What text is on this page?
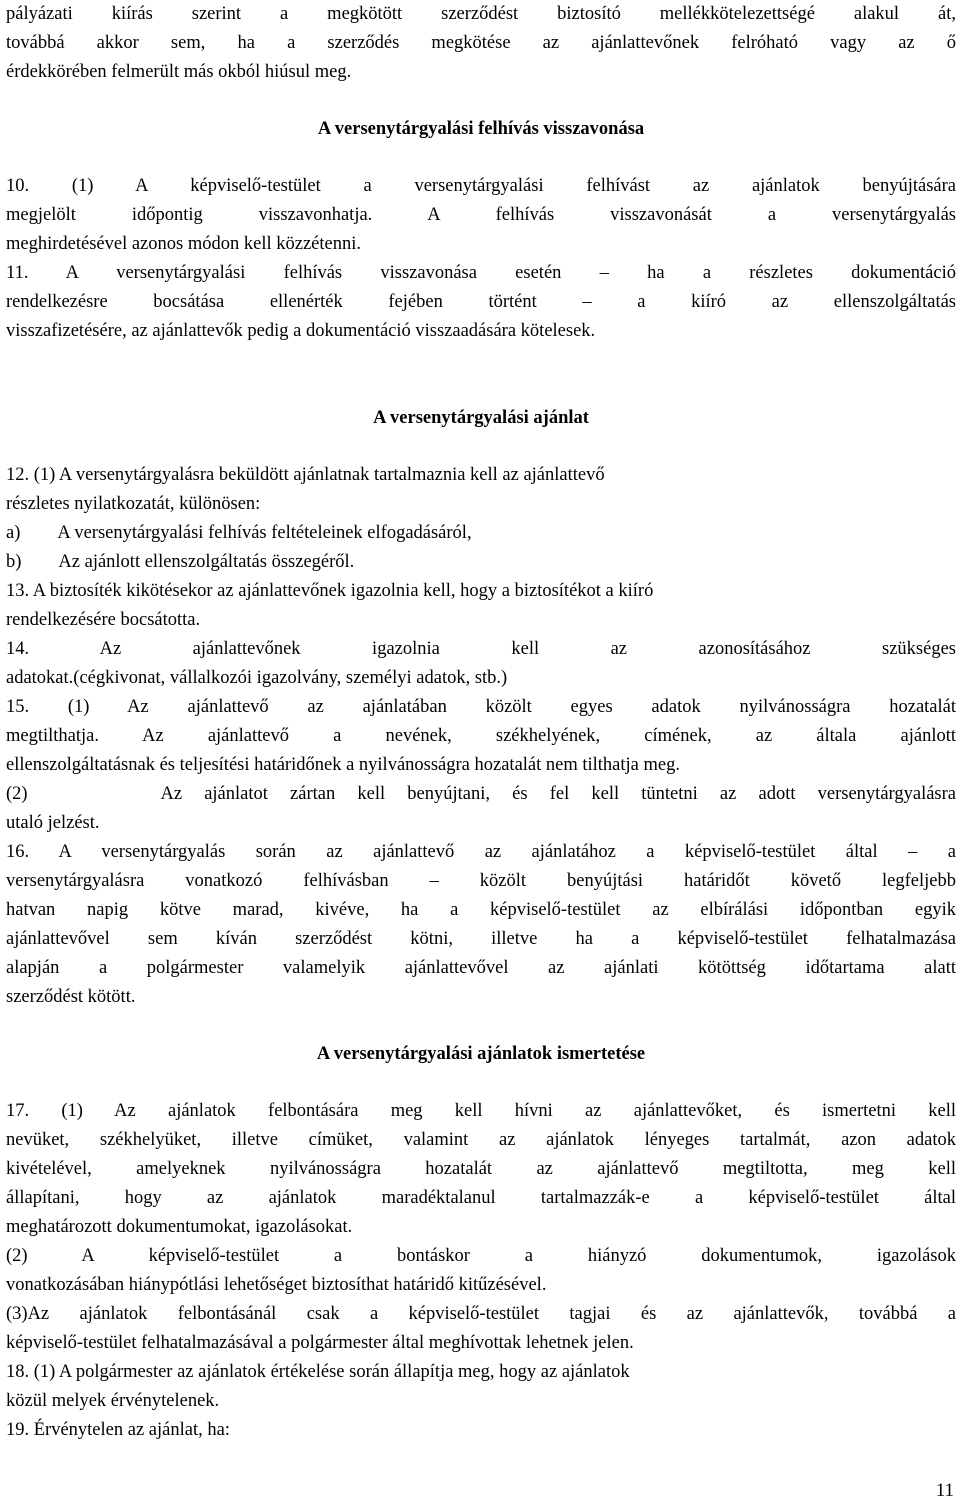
pályázati kiírás szerint a megkötött szerződést biztosító mellékkötelezettségé alakul át,
továbbá akkor sem, ha a szerződés megkötése az ajánlattevőnek felróható vagy az ő
érdekkörében felmerült más okból hiúsul meg.
A versenytárgyalási felhívás visszavonása
10. (1) A képviselő-testület a versenytárgyalási felhívást az ajánlatok benyújtására
megjelölt időpontig visszavonhatja. A felhívás visszavonását a versenytárgyalás
meghirdetésével azonos módon kell közzétenni.
11. A versenytárgyalási felhívás visszavonása esetén – ha a részletes dokumentáció
rendelkezésre bocsátása ellenérték fejében történt – a kiíró az ellenszolgáltatás
visszafizetésére, az ajánlattevők pedig a dokumentáció visszaadására kötelesek.
A versenytárgyalási ajánlat
12. (1) A versenytárgyalásra beküldött ajánlatnak tartalmaznia kell az ajánlattevő
részletes nyilatkozatát, különösen:
a)        A versenytárgyalási felhívás feltételeinek elfogadásáról,
b)        Az ajánlott ellenszolgáltatás összegéről.
13. A biztosíték kikötésekor az ajánlattevőnek igazolnia kell, hogy a biztosítékot a kiíró
rendelkezésére bocsátotta.
14. Az ajánlattevőnek igazolnia kell az azonosításához szükséges
adatokat.(cégkivonat, vállalkozói igazolvány, személyi adatok, stb.)
15. (1) Az ajánlattevő az ajánlatában közölt egyes adatok nyilvánosságra hozatalát
megtilthatja. Az ajánlattevő a nevének, székhelyének, címének, az általa ajánlott
ellenszolgáltatásnak és teljesítési határidőnek a nyilvánosságra hozatalát nem tilthatja meg.
(2)      Az ajánlatot zártan kell benyújtani, és fel kell tüntetni az adott versenytárgyalásra
utaló jelzést.
16. A versenytárgyalás során az ajánlattevő az ajánlatához a képviselő-testület által – a
versenytárgyalásra vonatkozó felhívásban – közölt benyújtási határidőt követő legfeljebb
hatvan napig kötve marad, kivéve, ha a képviselő-testület az elbírálási időpontban egyik
ajánlattevővel sem kíván szerződést kötni, illetve ha a képviselő-testület felhatalmazása
alapján a polgármester valamelyik ajánlattevővel az ajánlati kötöttség időtartama alatt
szerződést kötött.
A versenytárgyalási ajánlatok ismertetése
17. (1) Az ajánlatok felbontására meg kell hívni az ajánlattevőket, és ismertetni kell
nevüket, székhelyüket, illetve címüket, valamint az ajánlatok lényeges tartalmát, azon adatok
kivételével, amelyeknek nyilvánosságra hozatalát az ajánlattevő megtiltotta, meg kell
állapítani, hogy az ajánlatok maradéktalanul tartalmazzák-e a képviselő-testület által
meghatározott dokumentumokat, igazolásokat.
(2) A képviselő-testület a bontáskor a hiányzó dokumentumok, igazolások
vonatkozásában hiánypótlási lehetőséget biztosíthat határidő kitűzésével.
(3)Az ajánlatok felbontásánál csak a képviselő-testület tagjai és az ajánlattevők, továbbá a
képviselő-testület felhatalmazásával a polgármester által meghívottak lehetnek jelen.
18. (1) A polgármester az ajánlatok értékelése során állapítja meg, hogy az ajánlatok
közül melyek érvénytelenek.
19. Érvénytelen az ajánlat, ha:
11
